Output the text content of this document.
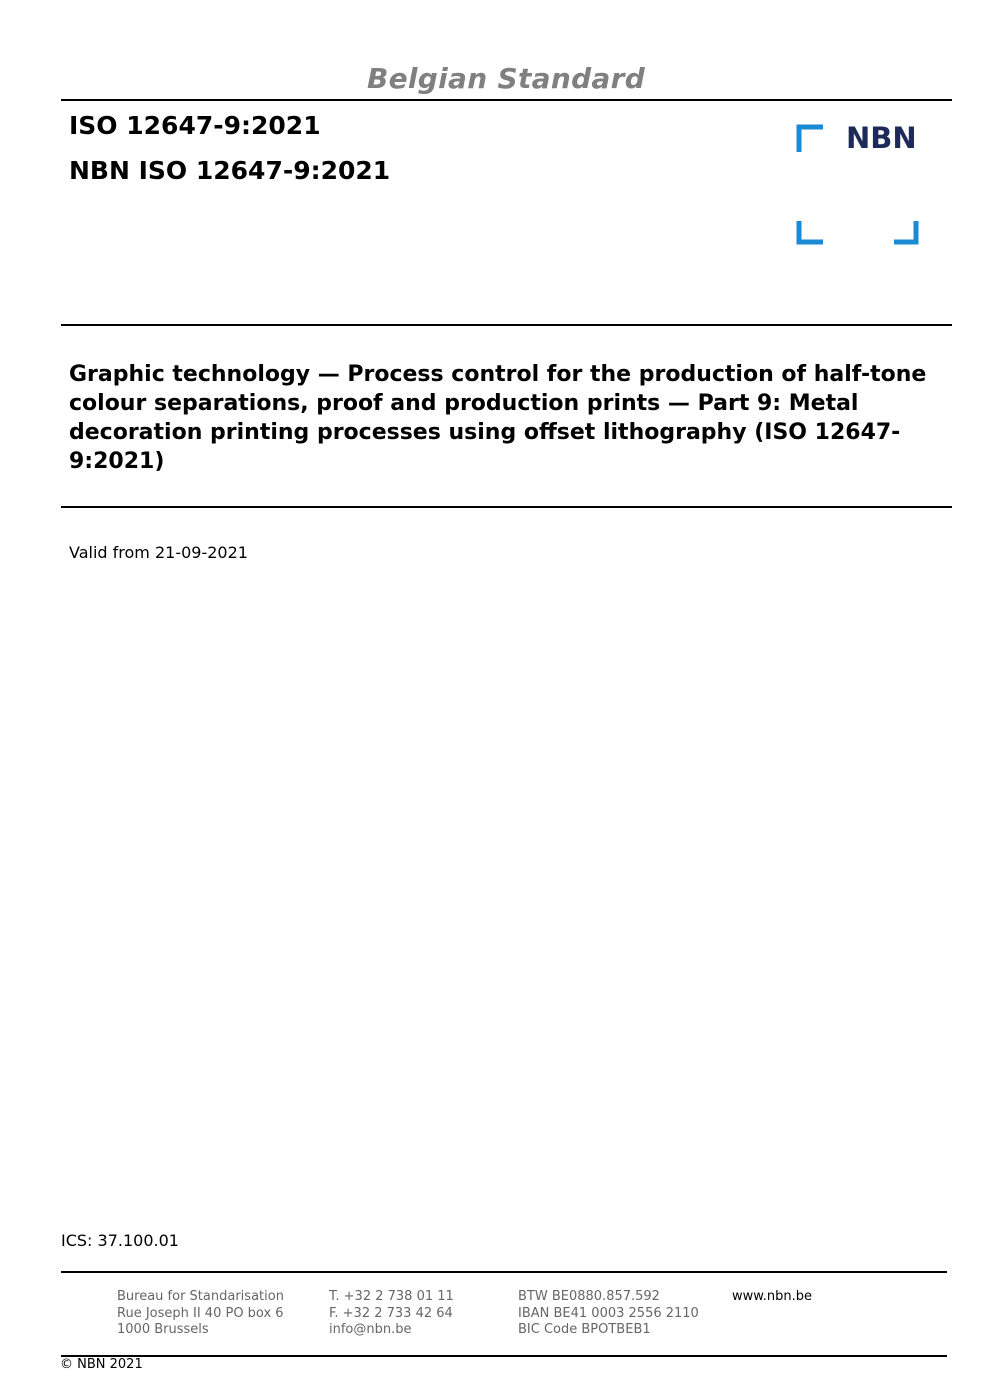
Belgian Standard
ISO 12647-9:2021
NBN ISO 12647-9:2021
NBN
Graphic technology — Process control for the production of half-tone colour separations, proof and production prints — Part 9: Metal decoration printing processes using offset lithography (ISO 12647-9:2021)
Valid from 21-09-2021
ICS: 37.100.01
Bureau for Standarisation
Rue Joseph II 40 PO box 6
1000 Brussels
T. +32 2 738 01 11
F. +32 2 733 42 64
info@nbn.be
BTW BE0880.857.592
IBAN BE41 0003 2556 2110
BIC Code BPOTBEB1
www.nbn.be
© NBN 2021
